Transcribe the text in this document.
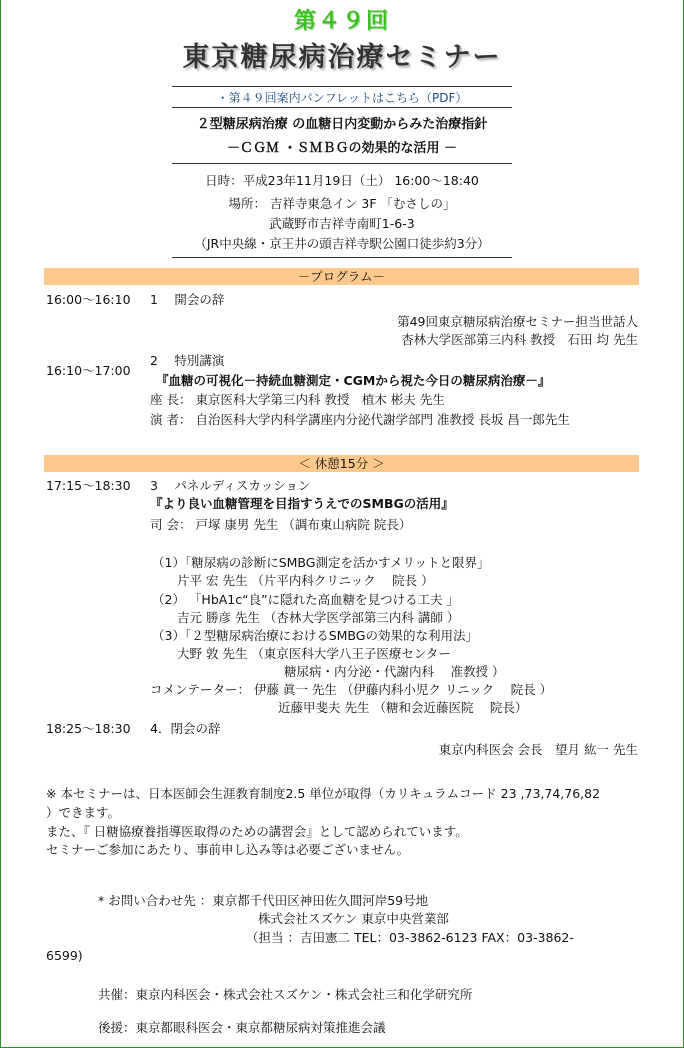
第４９回
東京糖尿病治療セミナー
・第４９回案内パンフレットはこちら（PDF）
２型糖尿病治療 の血糖日内変動からみた治療指針
－ＣＧＭ ・ＳＭＢＧの効果的な活用 －
日時：平成23年11月19日（土） 16:00～18:40
場所： 吉祥寺東急イン 3F 「むさしの」
武蔵野市吉祥寺南町1-6-3
（JR中央線・京王井の頭吉祥寺駅公園口徒歩約3分）
－プログラム－
16:00～16:10 1　 開会の辞
第49回東京糖尿病治療セミナー担当世話人
杏林大学医部第三内科 教授　石田 均 先生
16:10～17:00
2　 特別講演
『血糖の可視化－持続血糖測定・CGMから視た今日の糖尿病治療－』
座 長： 東京医科大学第三内科 教授　植木 彬夫 先生
演 者： 自治医科大学内科学講座内分泌代謝学部門 准教授 長坂 昌一郎先生
＜ 休憩15分 ＞
17:15～18:30 3　 パネルディスカッション
『より良い血糖管理を目指すうえでのSMBGの活用』
司 会： 戸塚 康男 先生 （調布東山病院 院長）
（1）「糖尿病の診断にSMBG測定を活かすメリットと限界」
片平 宏 先生 （片平内科クリニック　 院長 ）
（2） 「HbA1c“良”に隠れた高血糖を見つける工夫 」
吉元 勝彦 先生 （杏林大学医学部第三内科 講師 ）
（3）「２型糖尿病治療におけるSMBGの効果的な利用法」
大野 敦 先生 （東京医科大学八王子医療センター
糖尿病・内分泌・代謝内科　 准教授 ）
コメンテーター： 伊藤 眞一 先生 （伊藤内科小児ク リニック　 院長 ）
近藤甲斐夫 先生 （糖和会近藤医院　 院長）
18:25～18:30 4．閉会の辞
東京内科医会 会長　望月 紘一 先生
※ 本セミナーは、日本医師会生涯教育制度2.5 単位が取得（カリキュラムコード 23 ,73,74,76,82
）できます。
また、『 日糖協療養指導医取得のための講習会』として認められています。
セミナーご参加にあたり、事前申し込み等は必要ございません。
* お問い合わせ先 ：東京都千代田区神田佐久間河岸59号地
株式会社スズケン 東京中央営業部
（担当 ：吉田憲二 TEL：03-3862-6123 FAX：03-3862-
6599)
共催：東京内科医会・株式会社スズケン・株式会社三和化学研究所
後援：東京都眼科医会・東京都糖尿病対策推進会議
